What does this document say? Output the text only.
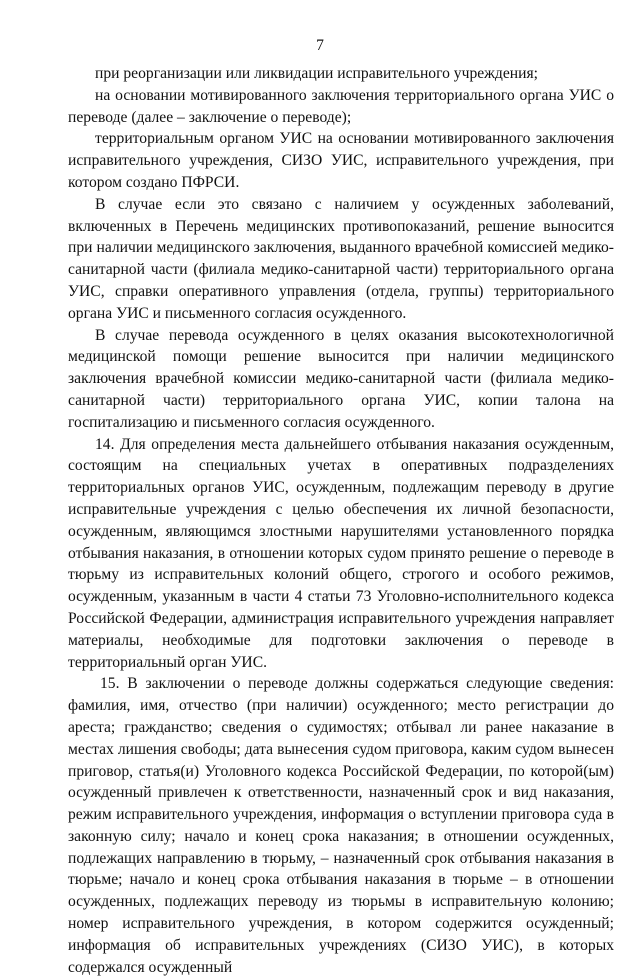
7

при реорганизации или ликвидации исправительного учреждения;

на основании мотивированного заключения территориального органа УИС о переводе (далее – заключение о переводе);

территориальным органом УИС на основании мотивированного заключения исправительного учреждения, СИЗО УИС, исправительного учреждения, при котором создано ПФРСИ.

В случае если это связано с наличием у осужденных заболеваний, включенных в Перечень медицинских противопоказаний, решение выносится при наличии медицинского заключения, выданного врачебной комиссией медико-санитарной части (филиала медико-санитарной части) территориального органа УИС, справки оперативного управления (отдела, группы) территориального органа УИС и письменного согласия осужденного.

В случае перевода осужденного в целях оказания высокотехнологичной медицинской помощи решение выносится при наличии медицинского заключения врачебной комиссии медико-санитарной части (филиала медико-санитарной части) территориального органа УИС, копии талона на госпитализацию и письменного согласия осужденного.

14. Для определения места дальнейшего отбывания наказания осужденным, состоящим на специальных учетах в оперативных подразделениях территориальных органов УИС, осужденным, подлежащим переводу в другие исправительные учреждения с целью обеспечения их личной безопасности, осужденным, являющимся злостными нарушителями установленного порядка отбывания наказания, в отношении которых судом принято решение о переводе в тюрьму из исправительных колоний общего, строгого и особого режимов, осужденным, указанным в части 4 статьи 73 Уголовно-исполнительного кодекса Российской Федерации, администрация исправительного учреждения направляет материалы, необходимые для подготовки заключения о переводе в территориальный орган УИС.

15. В заключении о переводе должны содержаться следующие сведения: фамилия, имя, отчество (при наличии) осужденного; место регистрации до ареста; гражданство; сведения о судимостях; отбывал ли ранее наказание в местах лишения свободы; дата вынесения судом приговора, каким судом вынесен приговор, статья(и) Уголовного кодекса Российской Федерации, по которой(ым) осужденный привлечен к ответственности, назначенный срок и вид наказания, режим исправительного учреждения, информация о вступлении приговора суда в законную силу; начало и конец срока наказания; в отношении осужденных, подлежащих направлению в тюрьму, – назначенный срок отбывания наказания в тюрьме; начало и конец срока отбывания наказания в тюрьме – в отношении осужденных, подлежащих переводу из тюрьмы в исправительную колонию; номер исправительного учреждения, в котором содержится осужденный; информация об исправительных учреждениях (СИЗО УИС), в которых содержался осужденный
